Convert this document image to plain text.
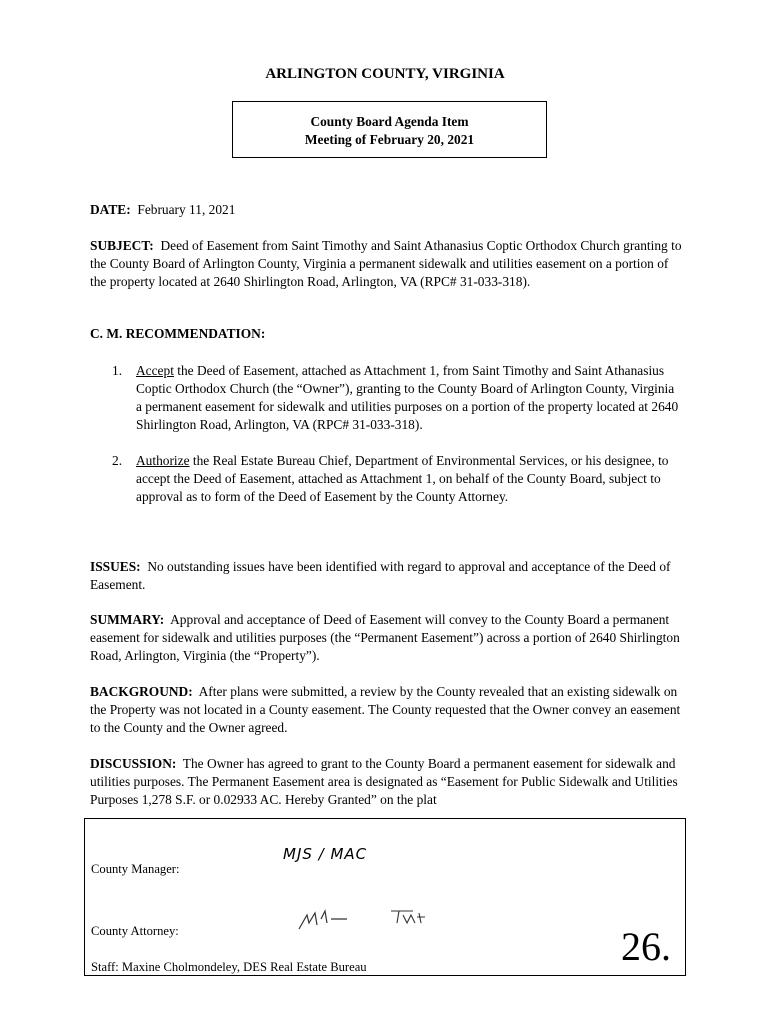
ARLINGTON COUNTY, VIRGINIA
County Board Agenda Item
Meeting of February 20, 2021
DATE: February 11, 2021
SUBJECT: Deed of Easement from Saint Timothy and Saint Athanasius Coptic Orthodox Church granting to the County Board of Arlington County, Virginia a permanent sidewalk and utilities easement on a portion of the property located at 2640 Shirlington Road, Arlington, VA (RPC# 31-033-318).
C. M. RECOMMENDATION:
1. Accept the Deed of Easement, attached as Attachment 1, from Saint Timothy and Saint Athanasius Coptic Orthodox Church (the “Owner”), granting to the County Board of Arlington County, Virginia a permanent easement for sidewalk and utilities purposes on a portion of the property located at 2640 Shirlington Road, Arlington, VA (RPC# 31-033-318).
2. Authorize the Real Estate Bureau Chief, Department of Environmental Services, or his designee, to accept the Deed of Easement, attached as Attachment 1, on behalf of the County Board, subject to approval as to form of the Deed of Easement by the County Attorney.
ISSUES: No outstanding issues have been identified with regard to approval and acceptance of the Deed of Easement.
SUMMARY: Approval and acceptance of Deed of Easement will convey to the County Board a permanent easement for sidewalk and utilities purposes (the “Permanent Easement”) across a portion of 2640 Shirlington Road, Arlington, Virginia (the “Property”).
BACKGROUND: After plans were submitted, a review by the County revealed that an existing sidewalk on the Property was not located in a County easement. The County requested that the Owner convey an easement to the County and the Owner agreed.
DISCUSSION: The Owner has agreed to grant to the County Board a permanent easement for sidewalk and utilities purposes. The Permanent Easement area is designated as “Easement for Public Sidewalk and Utilities Purposes 1,278 S.F. or 0.02933 AC. Hereby Granted” on the plat
County Manager:
MJS / MAC
County Attorney:
Staff: Maxine Cholmondeley, DES Real Estate Bureau	26.
